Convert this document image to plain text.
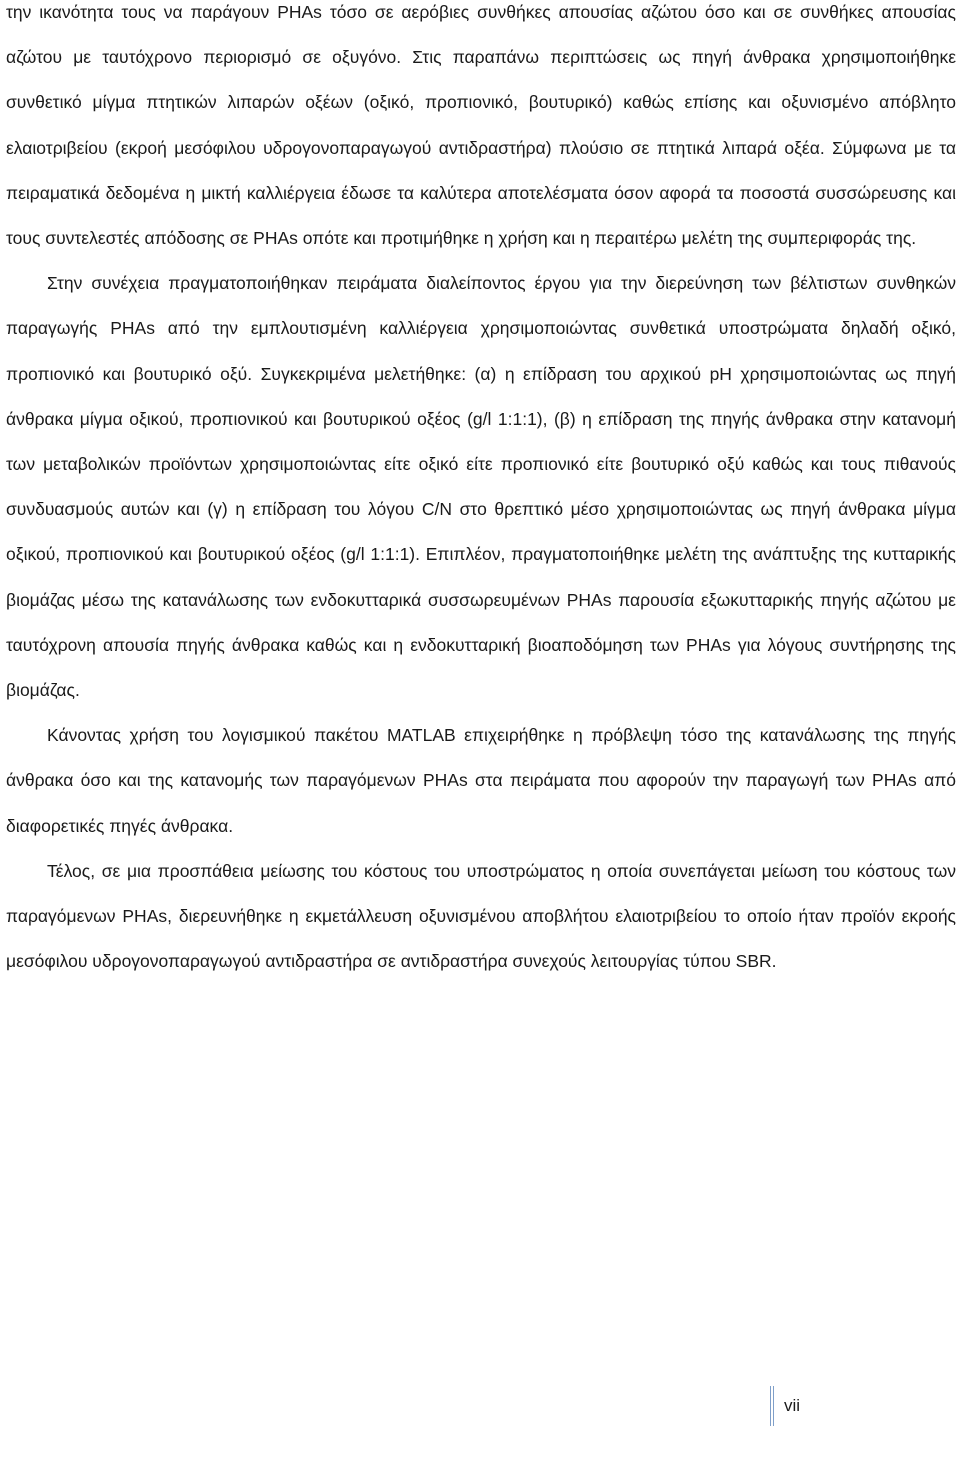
την ικανότητα τους να παράγουν PHAs τόσο σε αερόβιες συνθήκες απουσίας αζώτου όσο και σε συνθήκες απουσίας αζώτου με ταυτόχρονο περιορισμό σε οξυγόνο. Στις παραπάνω περιπτώσεις ως πηγή άνθρακα χρησιμοποιήθηκε συνθετικό μίγμα πτητικών λιπαρών οξέων (οξικό, προπιονικό, βουτυρικό) καθώς επίσης και οξυνισμένο απόβλητο ελαιοτριβείου (εκροή μεσόφιλου υδρογονοπαραγωγού αντιδραστήρα) πλούσιο σε πτητικά λιπαρά οξέα. Σύμφωνα με τα πειραματικά δεδομένα η μικτή καλλιέργεια έδωσε τα καλύτερα αποτελέσματα όσον αφορά τα ποσοστά συσσώρευσης και τους συντελεστές απόδοσης σε PHAs οπότε και προτιμήθηκε η χρήση και η περαιτέρω μελέτη της συμπεριφοράς της.

Στην συνέχεια πραγματοποιήθηκαν πειράματα διαλείποντος έργου για την διερεύνηση των βέλτιστων συνθηκών παραγωγής PHAs από την εμπλουτισμένη καλλιέργεια χρησιμοποιώντας συνθετικά υποστρώματα δηλαδή οξικό, προπιονικό και βουτυρικό οξύ. Συγκεκριμένα μελετήθηκε: (α) η επίδραση του αρχικού pH χρησιμοποιώντας ως πηγή άνθρακα μίγμα οξικού, προπιονικού και βουτυρικού οξέος (g/l 1:1:1), (β) η επίδραση της πηγής άνθρακα στην κατανομή των μεταβολικών προϊόντων χρησιμοποιώντας είτε οξικό είτε προπιονικό είτε βουτυρικό οξύ καθώς και τους πιθανούς συνδυασμούς αυτών και (γ) η επίδραση του λόγου C/N στο θρεπτικό μέσο χρησιμοποιώντας ως πηγή άνθρακα μίγμα οξικού, προπιονικού και βουτυρικού οξέος (g/l 1:1:1). Επιπλέον, πραγματοποιήθηκε μελέτη της ανάπτυξης της κυτταρικής βιομάζας μέσω της κατανάλωσης των ενδοκυτταρικά συσσωρευμένων PHAs παρουσία εξωκυτταρικής πηγής αζώτου με ταυτόχρονη απουσία πηγής άνθρακα καθώς και η ενδοκυτταρική βιοαποδόμηση των PHAs για λόγους συντήρησης της βιομάζας.

Κάνοντας χρήση του λογισμικού πακέτου MATLAB επιχειρήθηκε η πρόβλεψη τόσο της κατανάλωσης της πηγής άνθρακα όσο και της κατανομής των παραγόμενων PHAs στα πειράματα που αφορούν την παραγωγή των PHAs από διαφορετικές πηγές άνθρακα.

Τέλος, σε μια προσπάθεια μείωσης του κόστους του υποστρώματος η οποία συνεπάγεται μείωση του κόστους των παραγόμενων PHAs, διερευνήθηκε η εκμετάλλευση οξυνισμένου αποβλήτου ελαιοτριβείου το οποίο ήταν προϊόν εκροής μεσόφιλου υδρογονοπαραγωγού αντιδραστήρα σε αντιδραστήρα συνεχούς λειτουργίας τύπου SBR.

vii
